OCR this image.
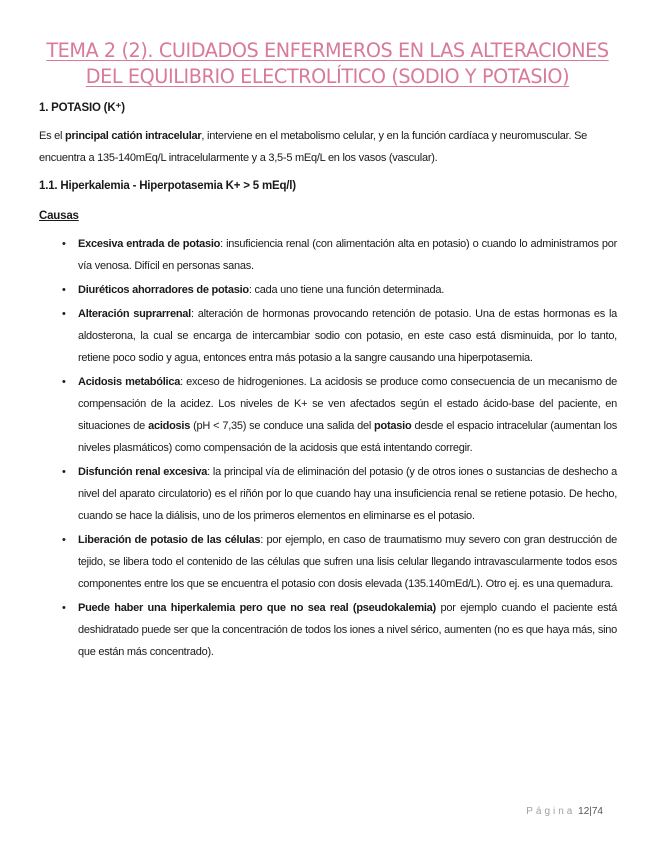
TEMA 2 (2). CUIDADOS ENFERMEROS EN LAS ALTERACIONES
DEL EQUILIBRIO ELECTROLÍTICO (SODIO Y POTASIO)
1. POTASIO (K⁺)

Es el principal catión intracelular, interviene en el metabolismo celular, y en la función cardíaca y neuromuscular. Se encuentra a 135-140mEq/L intracelularmente y a 3,5-5 mEq/L en los vasos (vascular).

1.1. Hiperkalemia - Hiperpotasemia K+ > 5 mEq/l)
Causas
• Excesiva entrada de potasio: insuficiencia renal (con alimentación alta en potasio) o cuando lo administramos por vía venosa. Difícil en personas sanas.
• Diuréticos ahorradores de potasio: cada uno tiene una función determinada.
• Alteración suprarrenal: alteración de hormonas provocando retención de potasio. Una de estas hormonas es la aldosterona, la cual se encarga de intercambiar sodio con potasio, en este caso está disminuida, por lo tanto, retiene poco sodio y agua, entonces entra más potasio a la sangre causando una hiperpotasemia.
• Acidosis metabólica: exceso de hidrogeniones. La acidosis se produce como consecuencia de un mecanismo de compensación de la acidez. Los niveles de K+ se ven afectados según el estado ácido-base del paciente, en situaciones de acidosis (pH < 7,35) se conduce una salida del potasio desde el espacio intracelular (aumentan los niveles plasmáticos) como compensación de la acidosis que está intentando corregir.
• Disfunción renal excesiva: la principal vía de eliminación del potasio (y de otros iones o sustancias de deshecho a nivel del aparato circulatorio) es el riñón por lo que cuando hay una insuficiencia renal se retiene potasio. De hecho, cuando se hace la diálisis, uno de los primeros elementos en eliminarse es el potasio.
• Liberación de potasio de las células: por ejemplo, en caso de traumatismo muy severo con gran destrucción de tejido, se libera todo el contenido de las células que sufren una lisis celular llegando intravascularmente todos esos componentes entre los que se encuentra el potasio con dosis elevada (135.140mEd/L). Otro ej. es una quemadura.
• Puede haber una hiperkalemia pero que no sea real (pseudokalemia) por ejemplo cuando el paciente está deshidratado puede ser que la concentración de todos los iones a nivel sérico, aumenten (no es que haya más, sino que están más concentrado).
Página 12|74
